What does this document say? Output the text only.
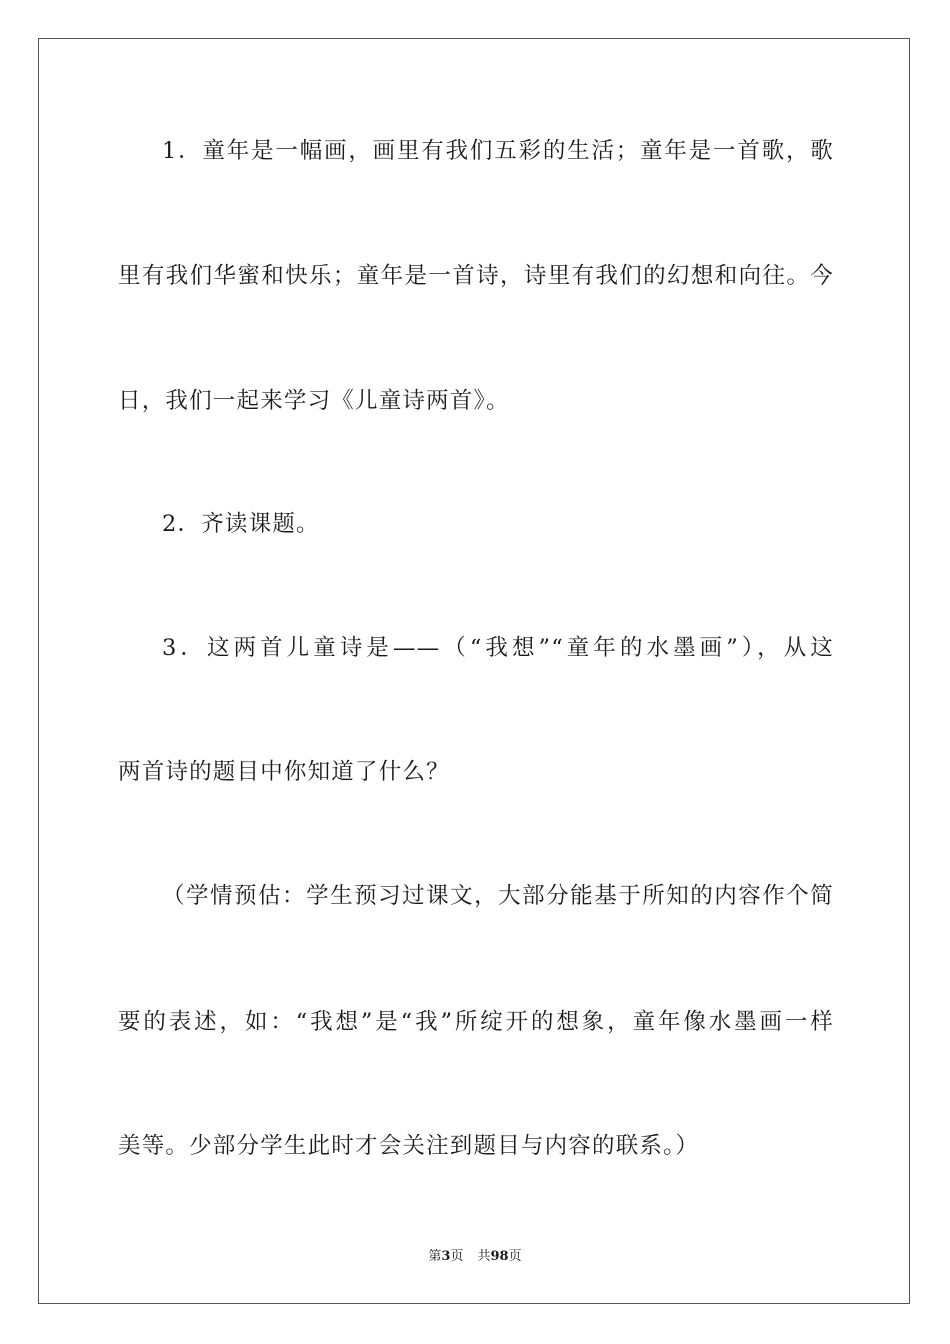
1．童年是一幅画，画里有我们五彩的生活；童年是一首歌，歌
里有我们华蜜和快乐；童年是一首诗，诗里有我们的幻想和向往。今
日，我们一起来学习《儿童诗两首》。
2．齐读课题。
3．这两首儿童诗是——（“我想”“童年的水墨画”），从这
两首诗的题目中你知道了什么？
（学情预估：学生预习过课文，大部分能基于所知的内容作个简
要的表述，如：“我想”是“我”所绽开的想象，童年像水墨画一样
美等。少部分学生此时才会关注到题目与内容的联系。）
第3页 共98页
